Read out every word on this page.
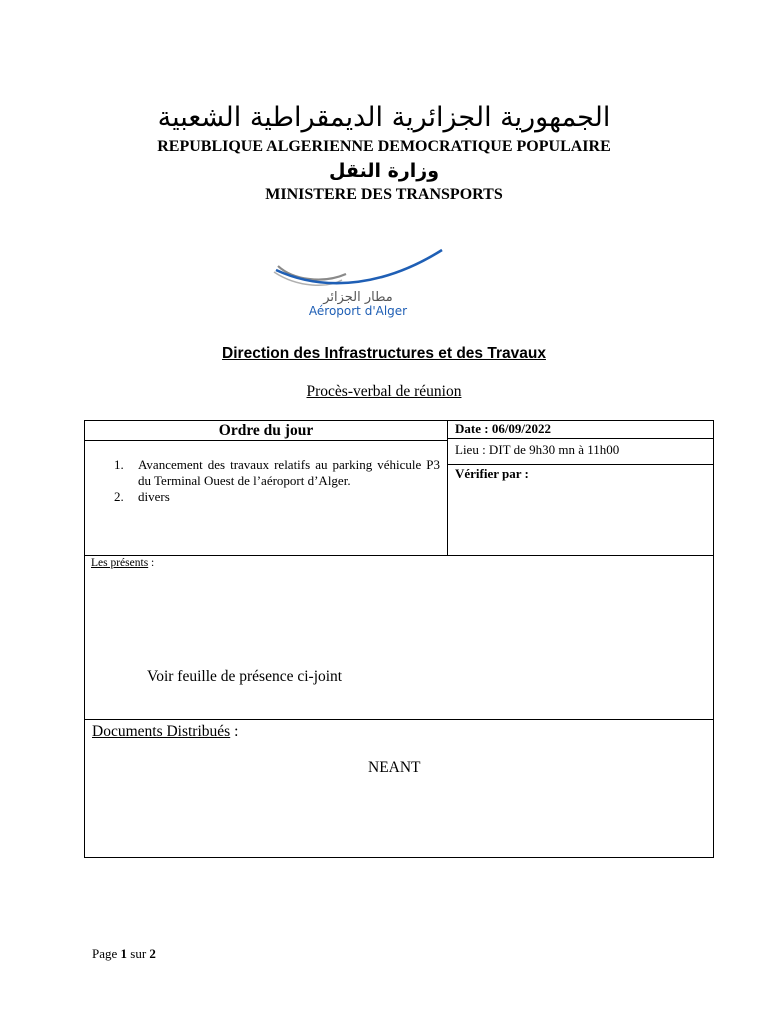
الجمهورية الجزائرية الديمقراطية الشعبية
REPUBLIQUE ALGERIENNE DEMOCRATIQUE POPULAIRE
وزارة النقل
MINISTERE DES TRANSPORTS
مطار الجزائر
Aéroport d'Alger
Direction des Infrastructures et des Travaux
Procès-verbal de réunion
Ordre du jour	Date : 06/09/2022
Lieu : DIT de 9h30 mn à 11h00
Vérifier par :
1. Avancement des travaux relatifs au parking véhicule P3 du Terminal Ouest de l’aéroport d’Alger.
2. divers
Les présents :
Voir feuille de présence ci-joint
Documents Distribués :
NEANT
Page 1 sur 2
